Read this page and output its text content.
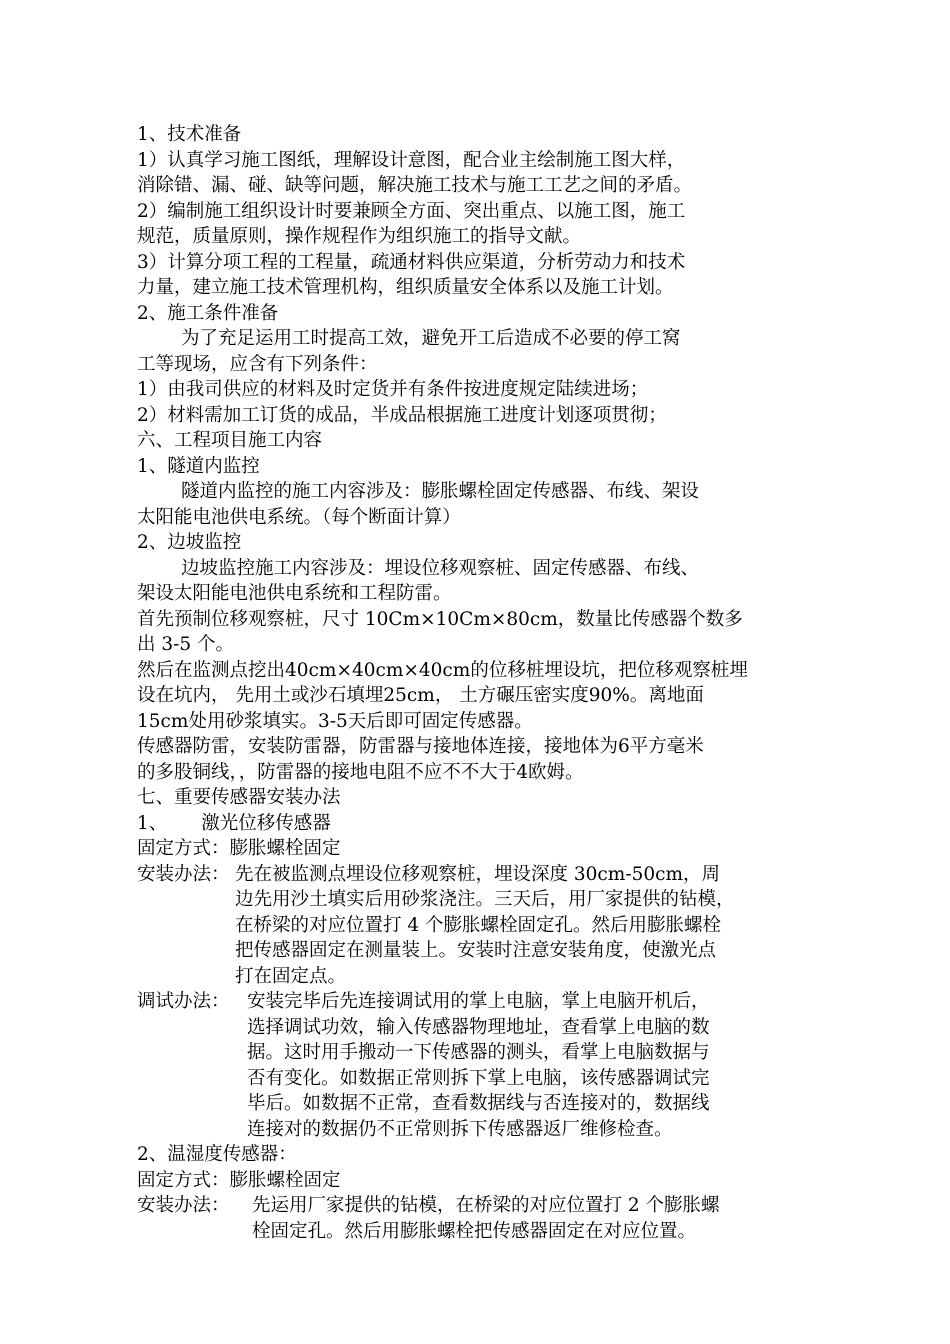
1、技术准备
1）认真学习施工图纸，理解设计意图，配合业主绘制施工图大样，
消除错、漏、碰、缺等问题，解决施工技术与施工工艺之间的矛盾。
2）编制施工组织设计时要兼顾全方面、突出重点、以施工图，施工
规范，质量原则，操作规程作为组织施工的指导文献。
3）计算分项工程的工程量，疏通材料供应渠道，分析劳动力和技术
力量，建立施工技术管理机构，组织质量安全体系以及施工计划。
2、施工条件准备
为了充足运用工时提高工效，避免开工后造成不必要的停工窝
工等现场，应含有下列条件：
1）由我司供应的材料及时定货并有条件按进度规定陆续进场；
2）材料需加工订货的成品，半成品根据施工进度计划逐项贯彻；
六、工程项目施工内容
1、隧道内监控
隧道内监控的施工内容涉及：膨胀螺栓固定传感器、布线、架设
太阳能电池供电系统。（每个断面计算）
2、边坡监控
边坡监控施工内容涉及：埋设位移观察桩、固定传感器、布线、
架设太阳能电池供电系统和工程防雷。
首先预制位移观察桩，尺寸 10Cm×10Cm×80cm，数量比传感器个数多
出 3-5 个。
然后在监测点挖出40cm×40cm×40cm的位移桩埋设坑，把位移观察桩埋
设在坑内， 先用土或沙石填埋25cm， 土方碾压密实度90%。离地面
15cm处用砂浆填实。3-5天后即可固定传感器。
传感器防雷，安装防雷器，防雷器与接地体连接，接地体为6平方毫米
的多股铜线，，防雷器的接地电阻不应不不大于4欧姆。
七、重要传感器安装办法
1、 激光位移传感器
固定方式：膨胀螺栓固定
安装办法： 先在被监测点埋设位移观察桩，埋设深度 30cm-50cm，周
边先用沙土填实后用砂浆浇注。三天后，用厂家提供的钻模，
在桥梁的对应位置打 4 个膨胀螺栓固定孔。然后用膨胀螺栓
把传感器固定在测量装上。安装时注意安装角度，使激光点
打在固定点。
调试办法： 安装完毕后先连接调试用的掌上电脑，掌上电脑开机后，
选择调试功效，输入传感器物理地址，查看掌上电脑的数
据。这时用手搬动一下传感器的测头，看掌上电脑数据与
否有变化。如数据正常则拆下掌上电脑，该传感器调试完
毕后。如数据不正常，查看数据线与否连接对的，数据线
连接对的数据仍不正常则拆下传感器返厂维修检查。
2、温湿度传感器：
固定方式：膨胀螺栓固定
安装办法：	先运用厂家提供的钻模，在桥梁的对应位置打 2 个膨胀螺
栓固定孔。然后用膨胀螺栓把传感器固定在对应位置。
